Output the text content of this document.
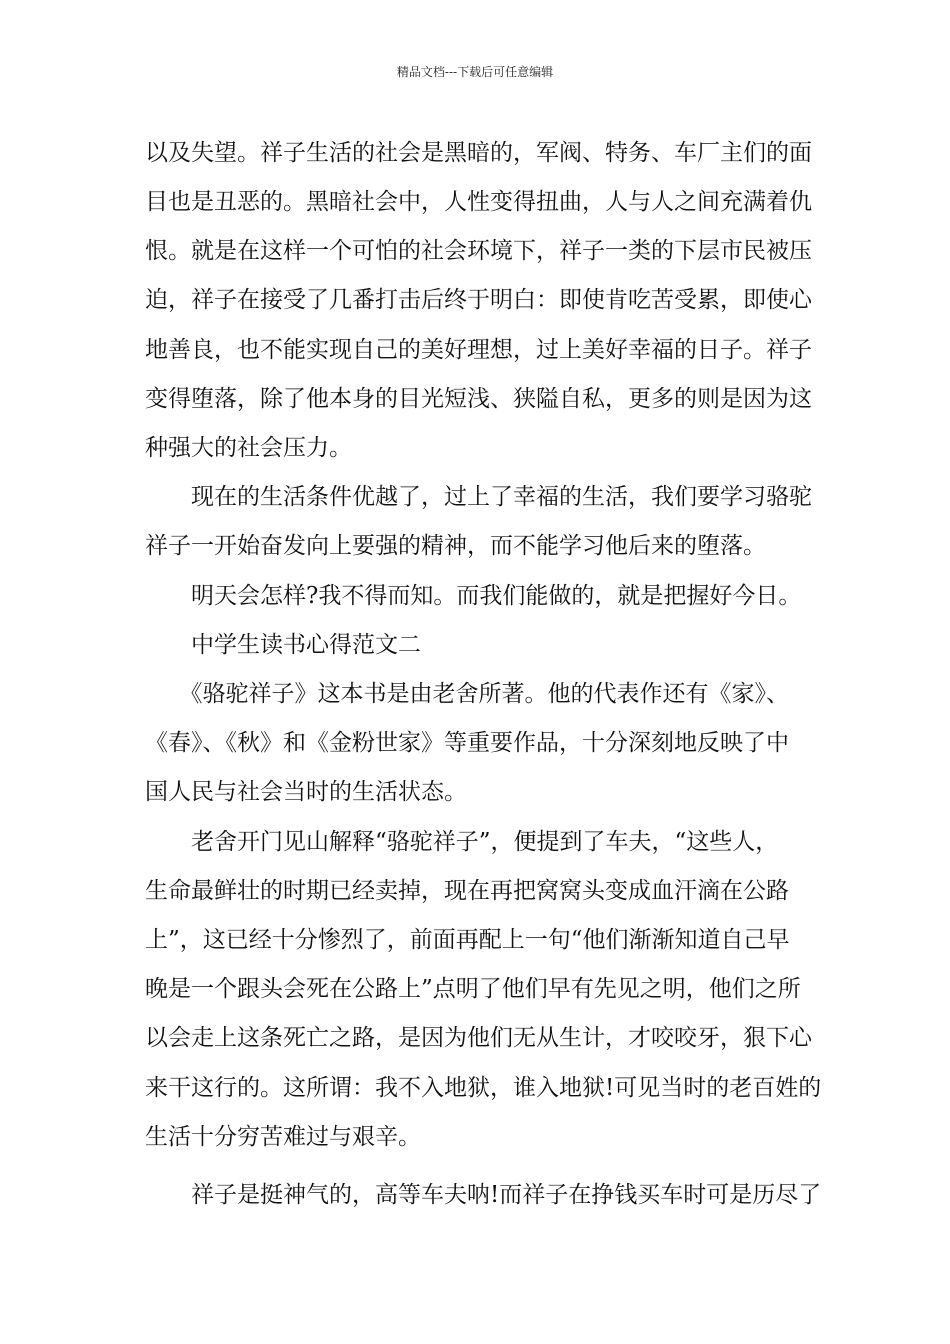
精品文档---下载后可任意编辑
以及失望。祥子生活的社会是黑暗的，军阀、特务、车厂主们的面
目也是丑恶的。黑暗社会中，人性变得扭曲，人与人之间充满着仇
恨。就是在这样一个可怕的社会环境下，祥子一类的下层市民被压
迫，祥子在接受了几番打击后终于明白：即使肯吃苦受累，即使心
地善良，也不能实现自己的美好理想，过上美好幸福的日子。祥子
变得堕落，除了他本身的目光短浅、狭隘自私，更多的则是因为这
种强大的社会压力。
　　现在的生活条件优越了，过上了幸福的生活，我们要学习骆驼
祥子一开始奋发向上要强的精神，而不能学习他后来的堕落。
　　明天会怎样?我不得而知。而我们能做的，就是把握好今日。
　　中学生读书心得范文二
　　《骆驼祥子》这本书是由老舍所著。他的代表作还有《家》、
《春》、《秋》和《金粉世家》等重要作品，十分深刻地反映了中
国人民与社会当时的生活状态。
　　老舍开门见山解释“骆驼祥子”，便提到了车夫，“这些人，
生命最鲜壮的时期已经卖掉，现在再把窝窝头变成血汗滴在公路
上”，这已经十分惨烈了，前面再配上一句“他们渐渐知道自己早
晚是一个跟头会死在公路上”点明了他们早有先见之明，他们之所
以会走上这条死亡之路，是因为他们无从生计，才咬咬牙，狠下心
来干这行的。这所谓：我不入地狱，谁入地狱!可见当时的老百姓的
生活十分穷苦难过与艰辛。
　　祥子是挺神气的，高等车夫呐!而祥子在挣钱买车时可是历尽了
